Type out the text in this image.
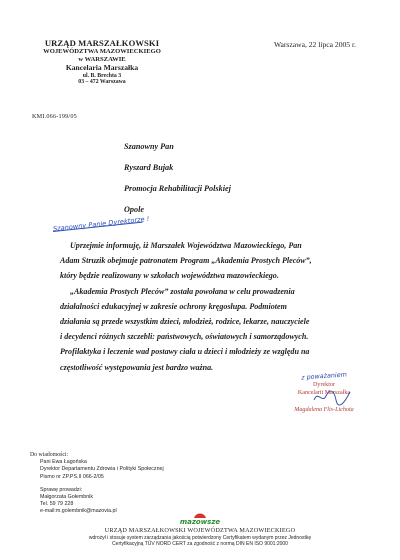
URZĄD MARSZAŁKOWSKI
WOJEWÓDZTWA MAZOWIECKIEGO
w WARSZAWIE
Kancelaria Marszałka
ul. B. Brechta 3
03 – 472 Warszawa
Warszawa, 22 lipca 2005 r.
KMI.066-199/05
Szanowny Pan
Ryszard Bujak
Promocja Rehabilitacji Polskiej
Opole
Szanowny Panie Dyrektorze !
Uprzejmie informuję, iż Marszałek Województwa Mazowieckiego, Pan
Adam Struzik obejmuje patronatem Program „Akademia Prostych Pleców”,
który będzie realizowany w szkołach województwa mazowieckiego.
„Akademia Prostych Pleców” została powołana w celu prowadzenia
działalności edukacyjnej w zakresie ochrony kręgosłupa. Podmiotem
działania są przede wszystkim dzieci, młodzież, rodzice, lekarze, nauczyciele
i decydenci różnych szczebli: państwowych, oświatowych i samorządowych.
Profilaktyka i leczenie wad postawy ciała u dzieci i młodzieży ze względu na
częstotliwość występowania jest bardzo ważna.
z poważaniem
Dyrektor
Kancelarii Marszałka
Magdalena Flis-Lichota
Do wiadomości:
Pani Ewa Łagońska
Dyrektor Departamentu Zdrowia i Polityki Społecznej
Pismo nr ZP.PS.II 066-2/05
Sprawę prowadzi:
Małgorzata Gołembnik
Tel. 59 79 228
e-mail:m.golembnik@mazovia.pl
mazowsze
URZĄD MARSZAŁKOWSKI WOJEWÓDZTWA MAZOWIECKIEGO
wdrożył i stosuje system zarządzania jakością potwierdzony Certyfikatem wydanym przez Jednostkę
Certyfikacyjną TÜV NORD CERT za zgodność z normą DIN EN ISO 9001:2000
